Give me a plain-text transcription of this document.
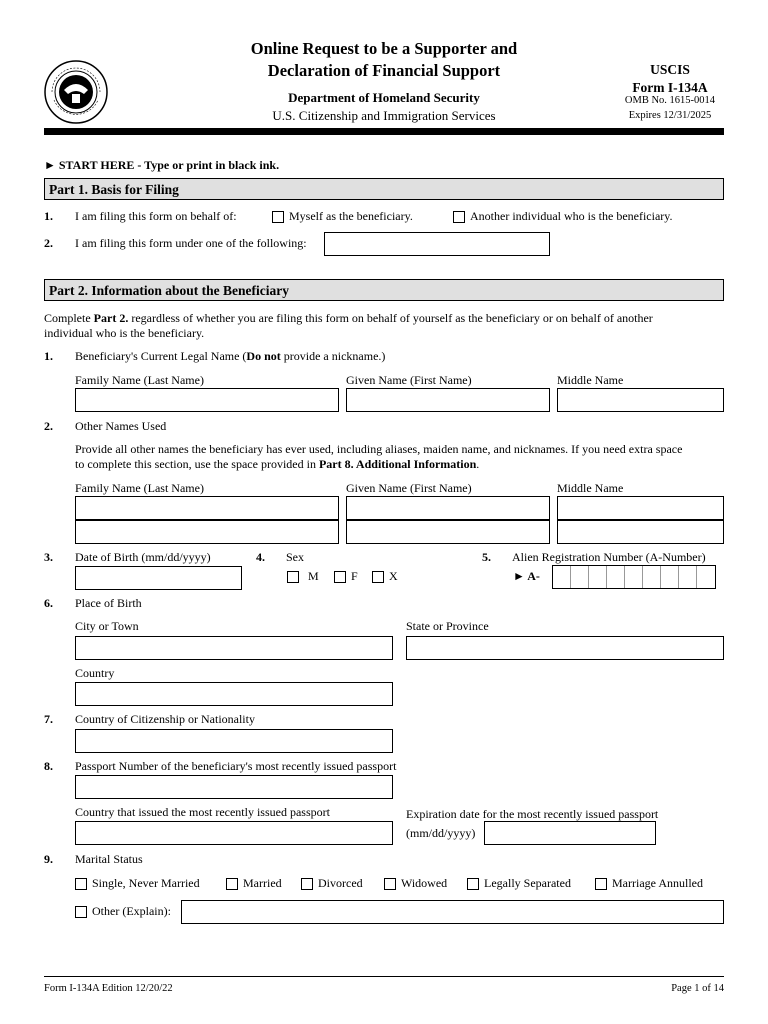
Online Request to be a Supporter and
Declaration of Financial Support
Department of Homeland Security
U.S. Citizenship and Immigration Services
USCIS
Form I-134A
OMB No. 1615-0014
Expires 12/31/2025
► START HERE - Type or print in black ink.
Part 1. Basis for Filing
1. I am filing this form on behalf of:	Myself as the beneficiary.	Another individual who is the beneficiary.
2. I am filing this form under one of the following:
Part 2. Information about the Beneficiary
Complete Part 2. regardless of whether you are filing this form on behalf of yourself as the beneficiary or on behalf of another
individual who is the beneficiary.
1. Beneficiary's Current Legal Name (Do not provide a nickname.)
Family Name (Last Name)	Given Name (First Name)	Middle Name
2. Other Names Used
Provide all other names the beneficiary has ever used, including aliases, maiden name, and nicknames. If you need extra space
to complete this section, use the space provided in Part 8. Additional Information.
Family Name (Last Name)	Given Name (First Name)	Middle Name
3. Date of Birth (mm/dd/yyyy)	4. Sex
M	F	X
5. Alien Registration Number (A-Number)
► A-
6. Place of Birth
City or Town	State or Province
Country
7. Country of Citizenship or Nationality
8. Passport Number of the beneficiary's most recently issued passport
Country that issued the most recently issued passport	Expiration date for the most recently issued passport
(mm/dd/yyyy)
9. Marital Status
Single, Never Married	Married	Divorced	Widowed	Legally Separated	Marriage Annulled
Other (Explain):
Form I-134A Edition 12/20/22	Page 1 of 14
